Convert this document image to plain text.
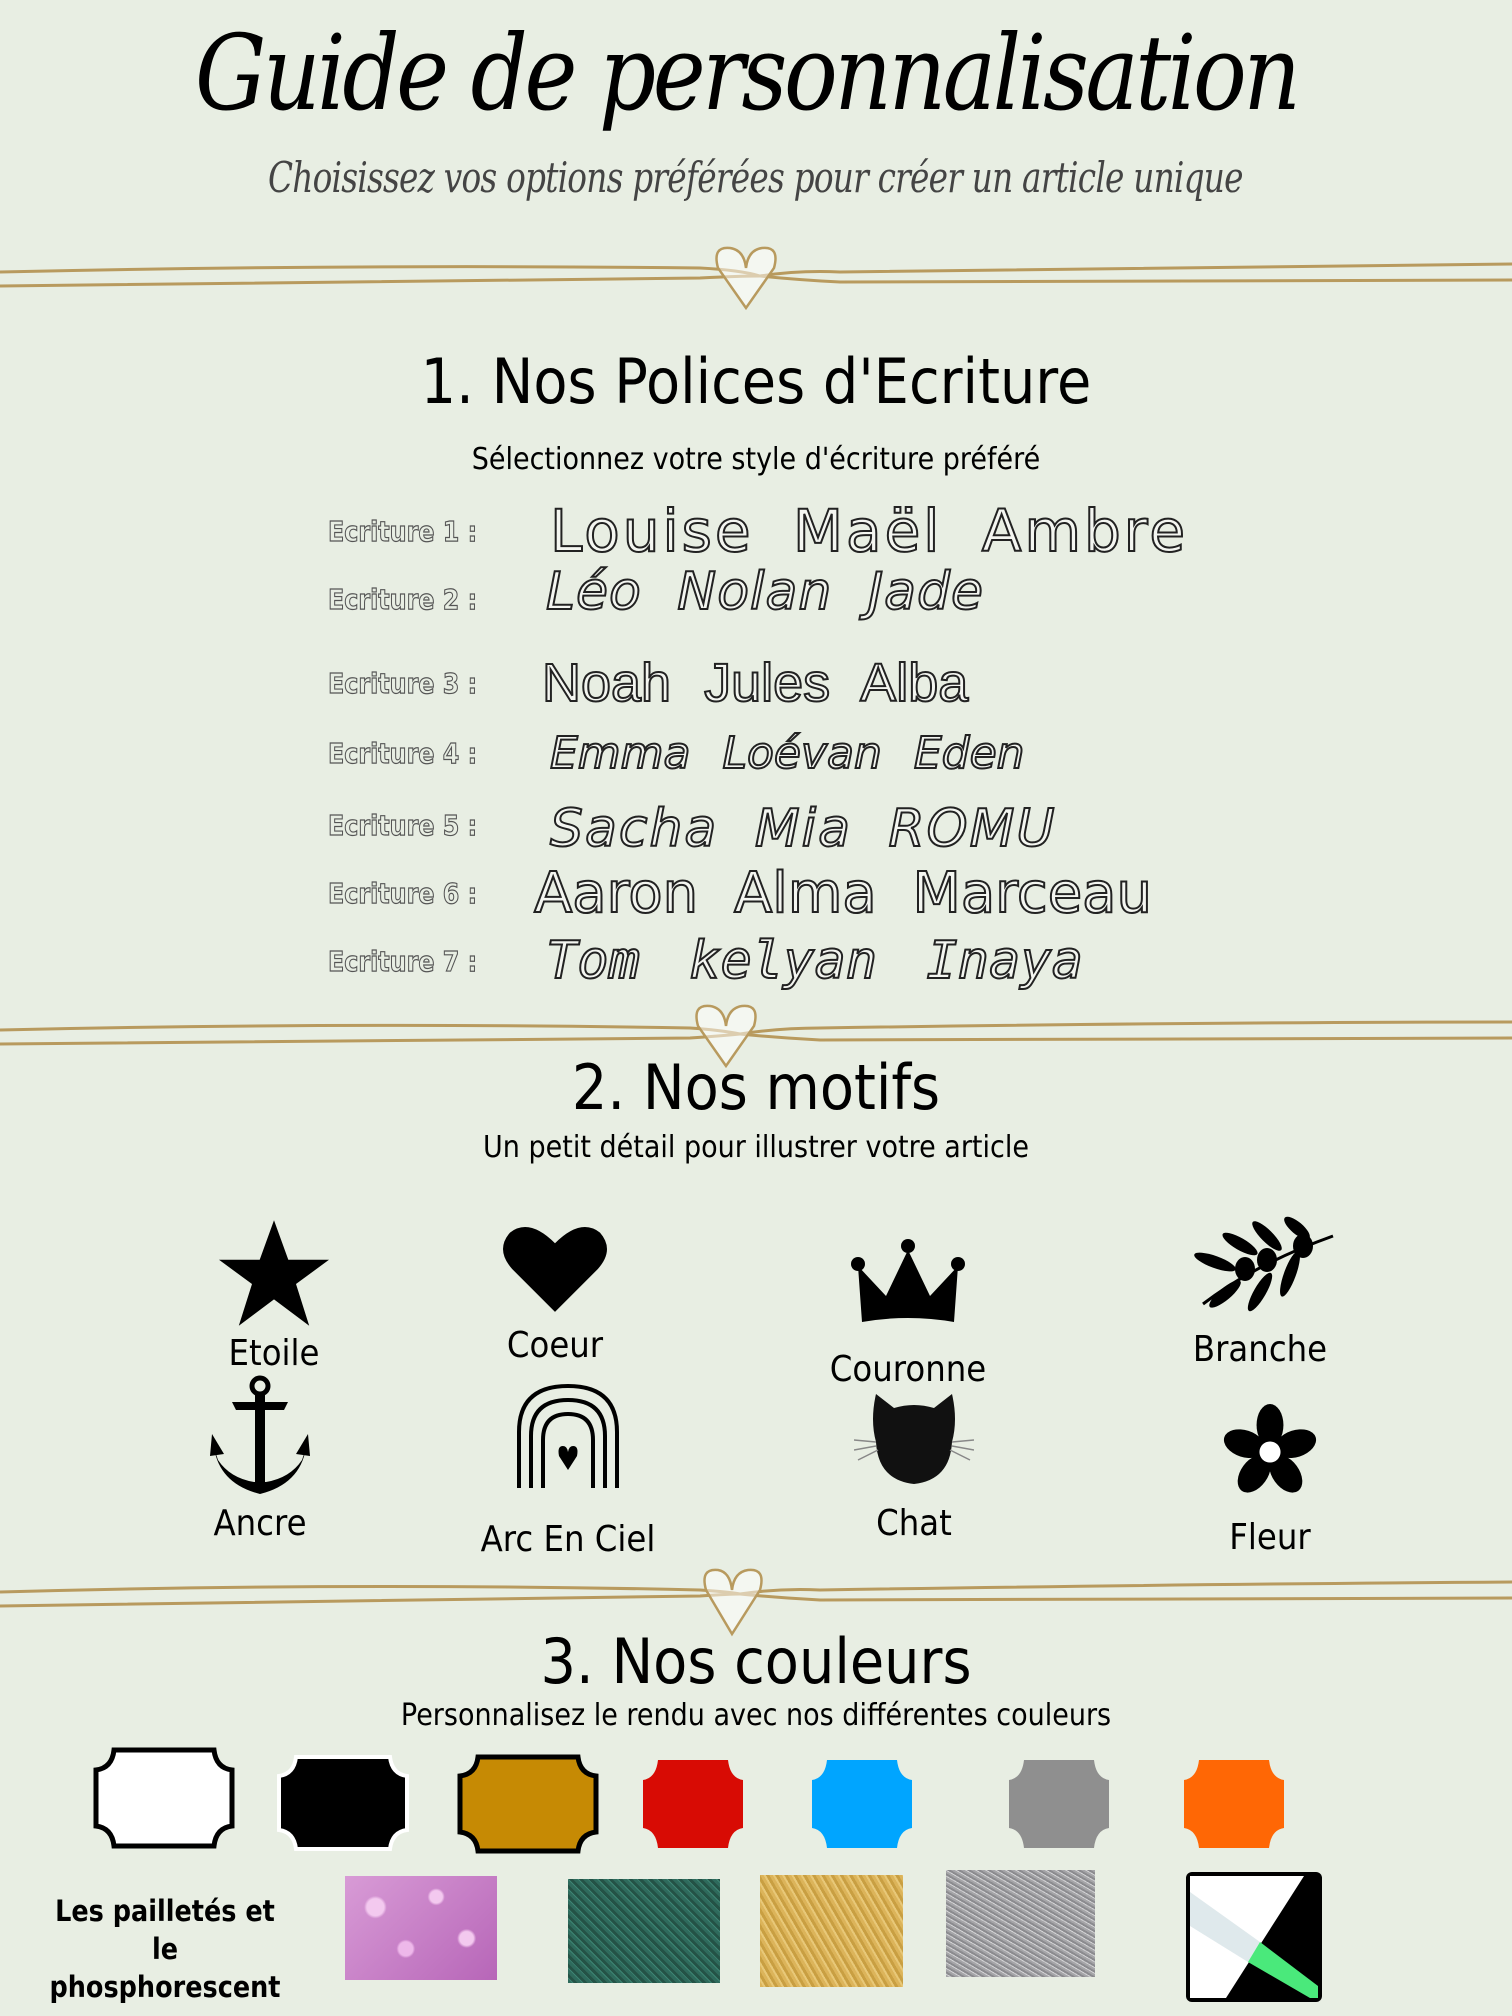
Guide de personnalisation
Choisissez vos options préférées pour créer un article unique
1. Nos Polices d'Ecriture
Sélectionnez votre style d'écriture préféré
Ecriture 1 :	Louise Maël Ambre
Ecriture 2 :	Léo Nolan Jade
Ecriture 3 :	Noah Jules Alba
Ecriture 4 :	Emma Loévan Eden
Ecriture 5 :	Sacha Mia ROMU
Ecriture 6 :	Aaron Alma Marceau
Ecriture 7 :	Tom kelyan Inaya
2. Nos motifs
Un petit détail pour illustrer votre article
Etoile	Coeur
Couronne	Branche
Ancre	Arc En Ciel	Chat	Fleur
3. Nos couleurs
Personnalisez le rendu avec nos différentes couleurs
Les pailletés et le phosphorescent
